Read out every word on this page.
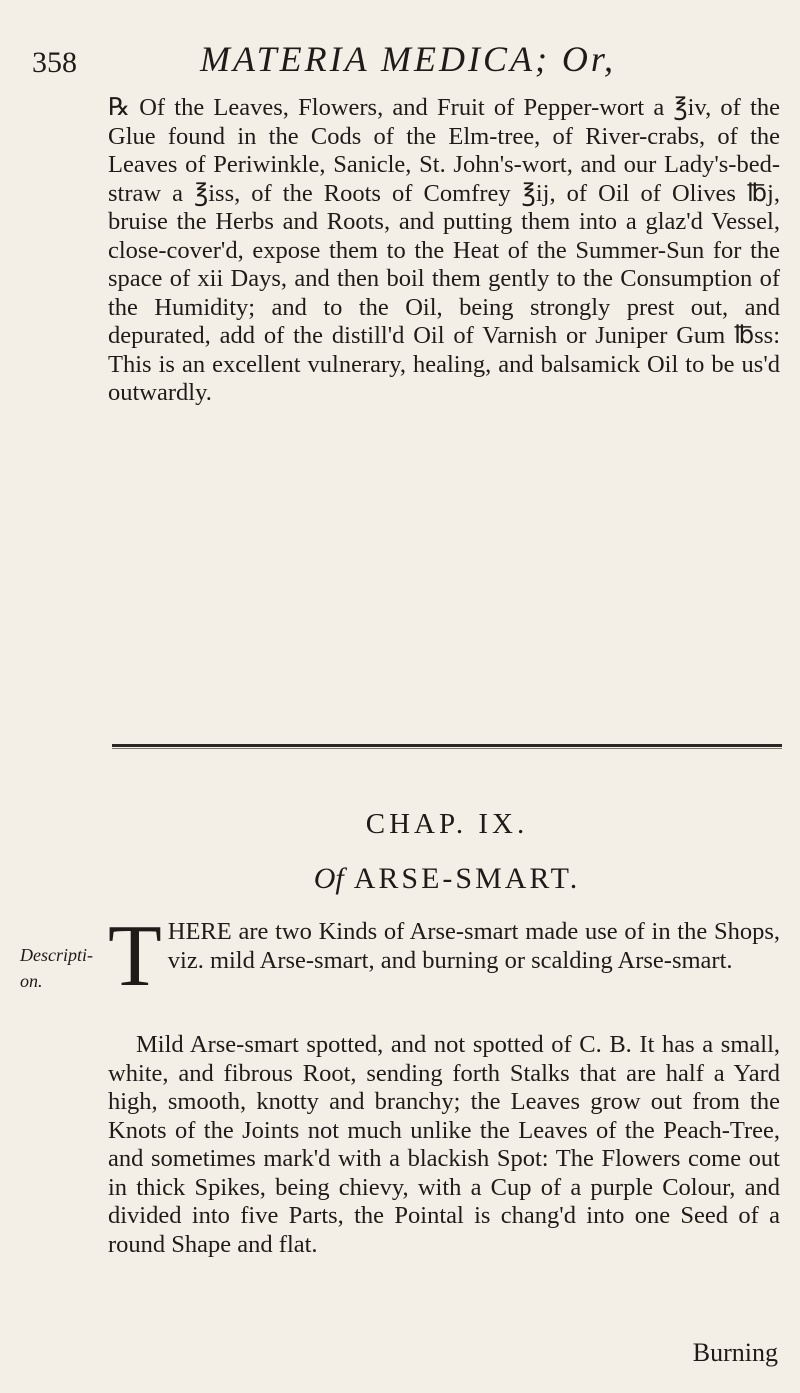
358	MATERIA MEDICA; Or,
℞ Of the Leaves, Flowers, and Fruit of Pepper-wort a ℥iv, of the Glue found in the Cods of the Elm-tree, of River-crabs, of the Leaves of Periwinkle, Sanicle, St. John's-wort, and our Lady's-bed-straw a ℥iss, of the Roots of Comfrey ℥ij, of Oil of Olives ℔j, bruise the Herbs and Roots, and putting them into a glaz'd Vessel, close-cover'd, expose them to the Heat of the Summer-Sun for the space of xii Days, and then boil them gently to the Consumption of the Humidity; and to the Oil, being strongly prest out, and depurated, add of the distill'd Oil of Varnish or Juniper Gum ℔ss: This is an excellent vulnerary, healing, and balsamick Oil to be us'd outwardly.
CHAP. IX.
Of ARSE-SMART.
Descripti-on. THERE are two Kinds of Arse-smart made use of in the Shops, viz. mild Arse-smart, and burning or scalding Arse-smart.
Mild Arse-smart spotted, and not spotted of C. B. It has a small, white, and fibrous Root, sending forth Stalks that are half a Yard high, smooth, knotty and branchy; the Leaves grow out from the Knots of the Joints not much unlike the Leaves of the Peach-Tree, and sometimes mark'd with a blackish Spot: The Flowers come out in thick Spikes, being chievy, with a Cup of a purple Colour, and divided into five Parts, the Pointal is chang'd into one Seed of a round Shape and flat.
Burning
